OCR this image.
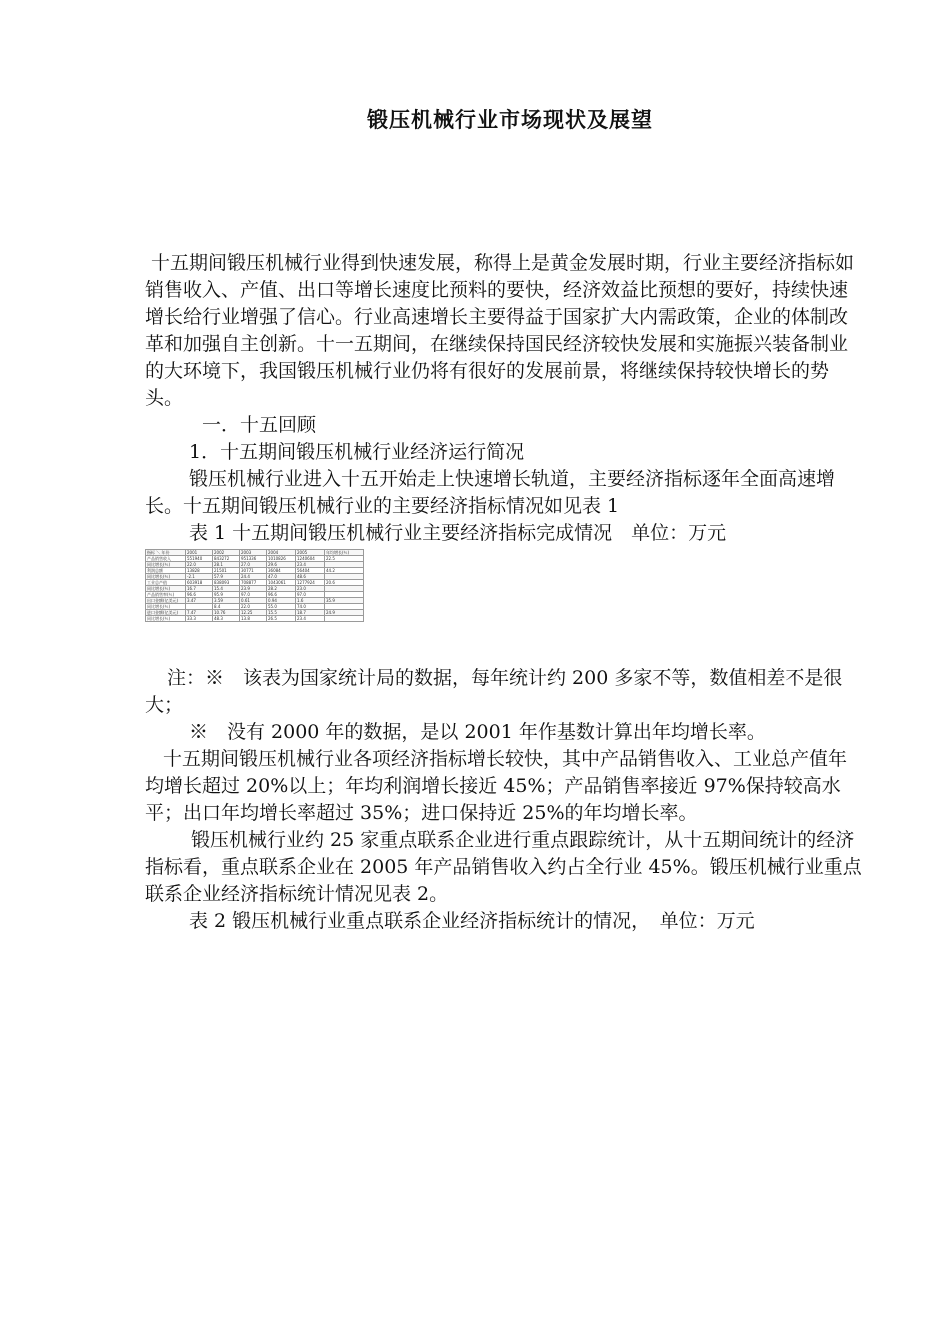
锻压机械行业市场现状及展望

十五期间锻压机械行业得到快速发展，称得上是黄金发展时期，行业主要经济指标如销售收入、产值、出口等增长速度比预料的要快，经济效益比预想的要好，持续快速增长给行业增强了信心。行业高速增长主要得益于国家扩大内需政策，企业的体制改革和加强自主创新。十一五期间，在继续保持国民经济较快发展和实施振兴装备制业的大环境下，我国锻压机械行业仍将有很好的发展前景，将继续保持较快增长的势头。

一．十五回顾

1．十五期间锻压机械行业经济运行简况

锻压机械行业进入十五开始走上快速增长轨道，主要经济指标逐年全面高速增长。十五期间锻压机械行业的主要经济指标情况如见表 1

表 1 十五期间锻压机械行业主要经济指标完成情况　单位：万元

指标 ＼ 年份	2001	2002	2003	2004	2005	年均增长(％)
产品销售收入	551940	843272	951336	1010826	1240604	22.5
同比增长(％)	22.0	28.1	27.0	29.6	23.4	
利润总额	13828	21501	30771	36084	56404	44.2
同比增长(％)	-2.1	57.9	24.4	47.0	48.6	
工业总产值	603918	838093	708877	1043061	1277924	20.6
同比增长(％)	16.7	15.4	23.9	28.2	23.0	
产品销售率(％)	96.6	95.9	97.0	96.6	97.0	
出口金额(亿美元)	3.47	3.59	0.61	0.94	1.6	35.9
同比增长(％)		8.4	22.0	55.0	74.0	
进口金额(亿美元)	7.47	10.76	12.25	15.5	18.7	24.9
同比增长(％)	33.3	48.3	13.8	26.5	23.4	

注：※　该表为国家统计局的数据，每年统计约 200 多家不等，数值相差不是很大；

※　没有 2000 年的数据，是以 2001 年作基数计算出年均增长率。

十五期间锻压机械行业各项经济指标增长较快，其中产品销售收入、工业总产值年均增长超过 20%以上；年均利润增长接近 45%；产品销售率接近 97%保持较高水平；出口年均增长率超过 35%；进口保持近 25%的年均增长率。

锻压机械行业约 25 家重点联系企业进行重点跟踪统计，从十五期间统计的经济指标看，重点联系企业在 2005 年产品销售收入约占全行业 45%。锻压机械行业重点联系企业经济指标统计情况见表 2。

表 2 锻压机械行业重点联系企业经济指标统计的情况，　单位：万元
